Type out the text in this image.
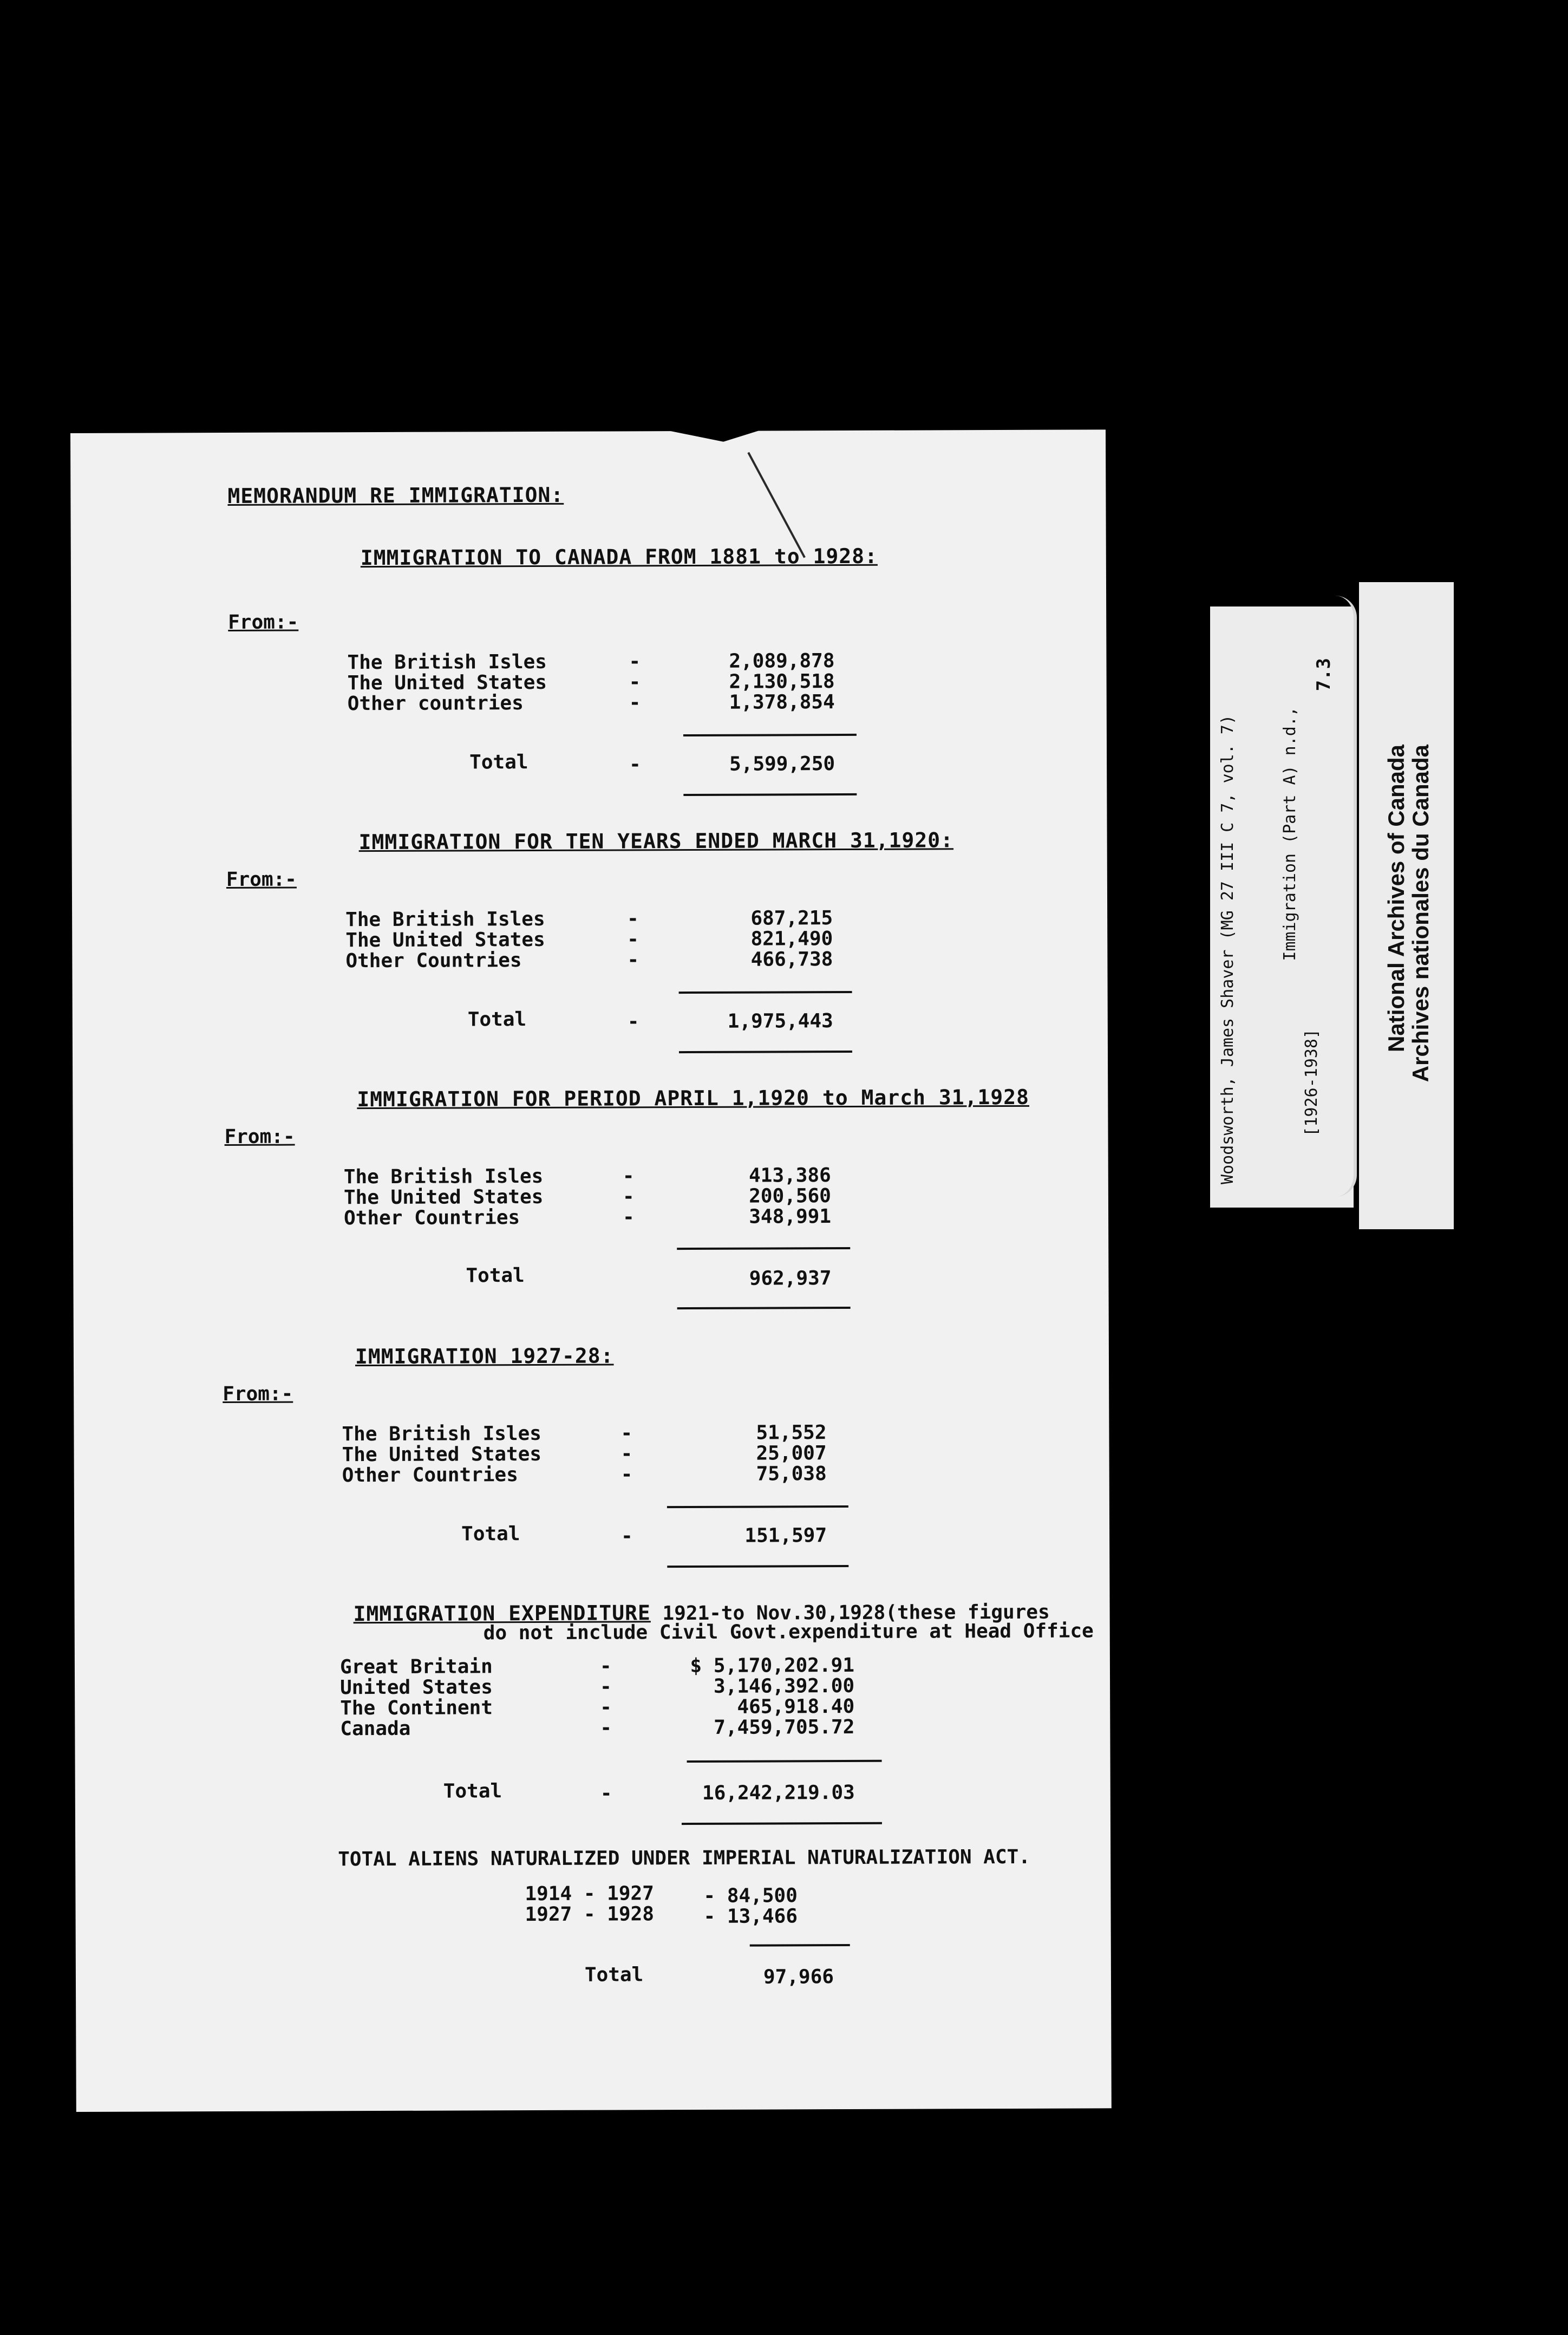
MEMORANDUM RE IMMIGRATION:
IMMIGRATION TO CANADA FROM 1881 to 1928:
From:-
The British Isles	-	2,089,878
The United States	-	2,130,518
Other countries	-	1,378,854
Total	-	5,599,250
IMMIGRATION FOR TEN YEARS ENDED MARCH 31,1920:
From:-
The British Isles	-	687,215
The United States	-	821,490
Other Countries	-	466,738
Total	-	1,975,443
IMMIGRATION FOR PERIOD APRIL 1,1920 to March 31,1928
From:-
The British Isles	-	413,386
The United States	-	200,560
Other Countries	-	348,991
Total	962,937
IMMIGRATION 1927-28:
From:-
The British Isles	-	51,552
The United States	-	25,007
Other Countries	-	75,038
Total	-	151,597
IMMIGRATION EXPENDITURE 1921-to Nov.30,1928(these figures
do not include Civil Govt.expenditure at Head Office
Great Britain	-	$ 5,170,202.91
United States	-	3,146,392.00
The Continent	-	465,918.40
Canada	-	7,459,705.72
Total	-	16,242,219.03
TOTAL ALIENS NATURALIZED UNDER IMPERIAL NATURALIZATION ACT.
1914 - 1927	- 84,500
1927 - 1928	- 13,466
Total	97,966
Woodsworth, James Shaver (MG 27 III C 7, vol. 7)	Immigration (Part A) n.d.,
[1926-1938]
7.3
National Archives of Canada
Archives nationales du Canada
